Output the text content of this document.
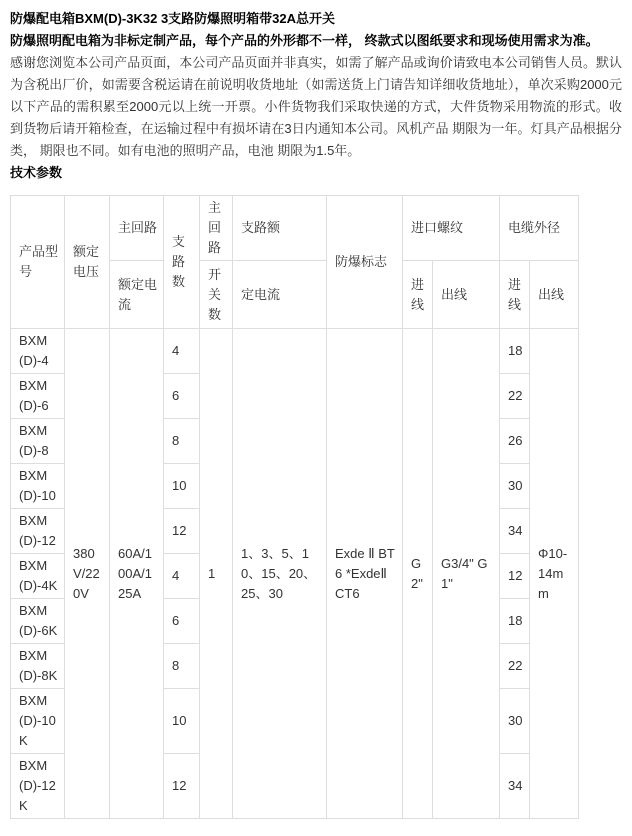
防爆配电箱BXM(D)-3K32 3支路防爆照明箱带32A总开关

防爆照明配电箱为非标定制产品，每个产品的外形都不一样， 终款式以图纸要求和现场使用需求为准。

感谢您浏览本公司产品页面，本公司产品页面并非真实，如需了解产品或询价请致电本公司销售人员。默认为含税出厂价，如需要含税运请在前说明收货地址（如需送货上门请告知详细收货地址），单次采购2000元以下产品的需积累至2000元以上统一开票。小件货物我们采取快递的方式，大件货物采用物流的形式。收到货物后请开箱检查，在运输过程中有损坏请在3日内通知本公司。风机产品 期限为一年。灯具产品根据分类， 期限也不同。如有电池的照明产品，电池 期限为1.5年。

技术参数

产品型号	额定电压	主回路	支路数	主回路	支路额	防爆标志	进口螺纹		电缆外径	
		额定电流		开关数	定电流		进线	出线	进线	出线
BXM(D)-4	380V/220V	60A/100A/125A	4	1	1、3、5、10、15、20、25、30	Exde Ⅱ BT6 *ExdeⅡ CT6	G 2"	G3/4" G 1"	18	Φ10-14mm
BXM(D)-6			6						22	
BXM(D)-8			8						26	
BXM(D)-10			10						30	
BXM(D)-12			12						34	
BXM(D)-4K			4						12	
BXM(D)-6K			6						18	
BXM(D)-8K			8						22	
BXM(D)-10K			10						30	
BXM(D)-12K			12						34	
